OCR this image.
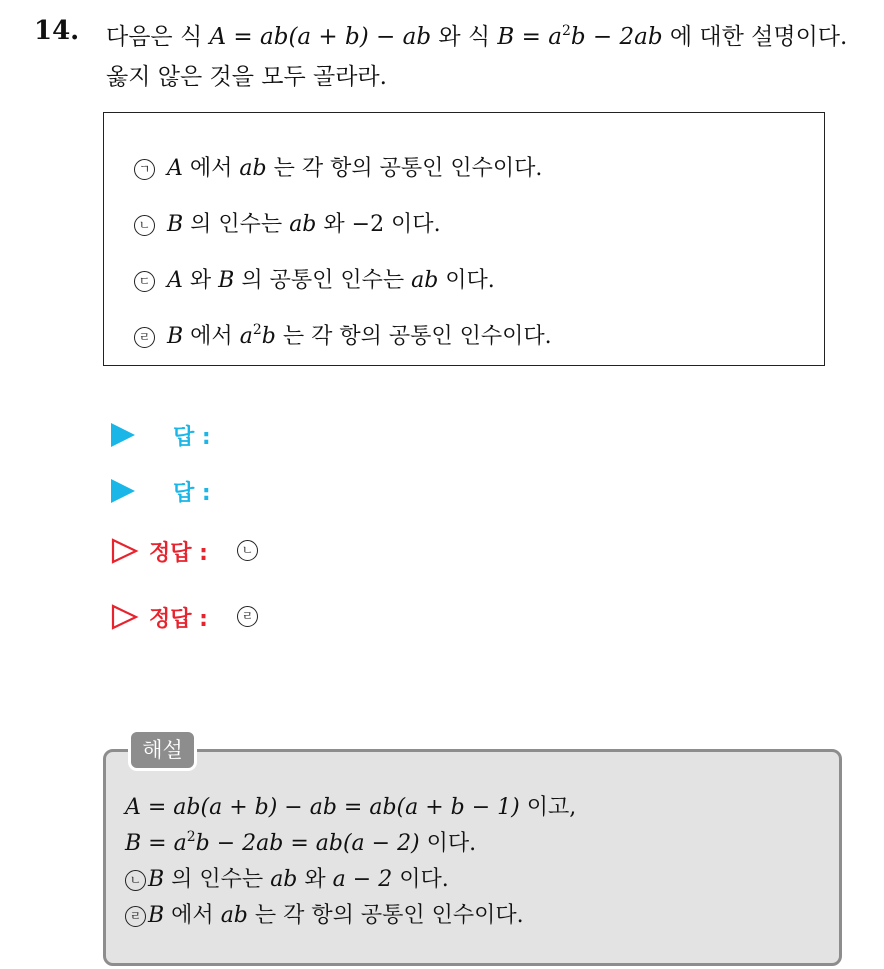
14. 다음은 식 A = ab(a + b) − ab 와 식 $B = a^2b - 2ab$ 에 대한 설명이다.
옳지 않은 것을 모두 골라라.
ㄱ A 에서 ab 는 각 항의 공통인 인수이다.
ㄴ B 의 인수는 ab 와 −2 이다.
ㄷ A 와 B 의 공통인 인수는 ab 이다.
ㄹ B 에서 $a^2b$ 는 각 항의 공통인 인수이다.
답 :
답 :
정답 :	ㄴ
정답 :	ㄹ
해설
A = ab(a + b) − ab = ab(a + b − 1) 이고,
$B = a^2b - 2ab = ab(a - 2)$ 이다.
ㄴ B 의 인수는 ab 와 a − 2 이다.
ㄹ B 에서 ab 는 각 항의 공통인 인수이다.
